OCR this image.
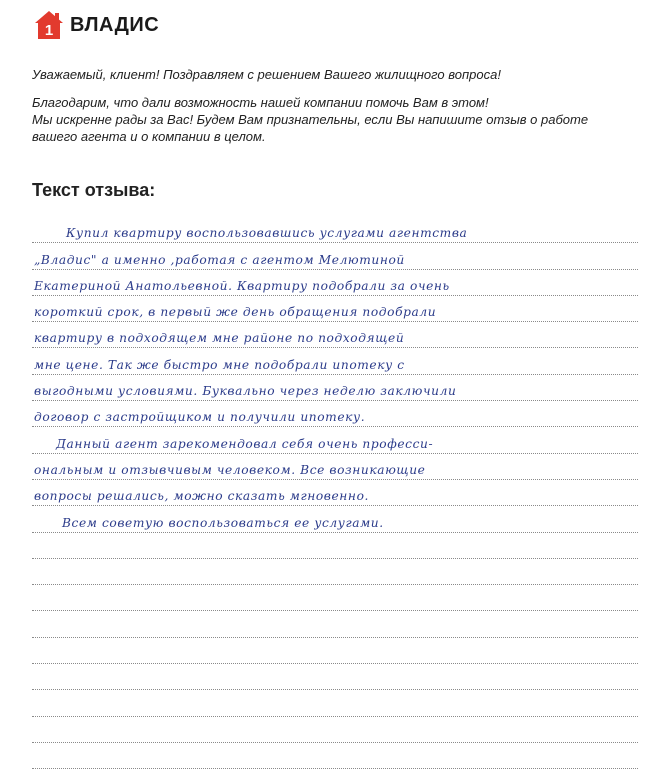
1 ВЛАДИС
Уважаемый, клиент! Поздравляем с решением Вашего жилищного вопроса!
Благодарим, что дали возможность нашей компании помочь Вам в этом!
Мы искренне рады за Вас! Будем Вам признательны, если Вы напишите отзыв о работе
вашего агента и о компании в целом.
Текст отзыва:
Купил квартиру воспользовавшись услугами агентства
„Владис" а именно ,работая с агентом Мелютиной
Екатериной Анатольевной. Квартиру подобрали за очень
короткий срок, в первый же день обращения подобрали
квартиру в подходящем мне районе по подходящей
мне цене. Так же быстро мне подобрали ипотеку с
выгодными условиями. Буквально через неделю заключили
договор с застройщиком и получили ипотеку.
Данный агент зарекомендовал себя очень професси-
ональным и отзывчивым человеком. Все возникающие
вопросы решались, можно сказать мгновенно.
Всем советую воспользоваться ее услугами.
